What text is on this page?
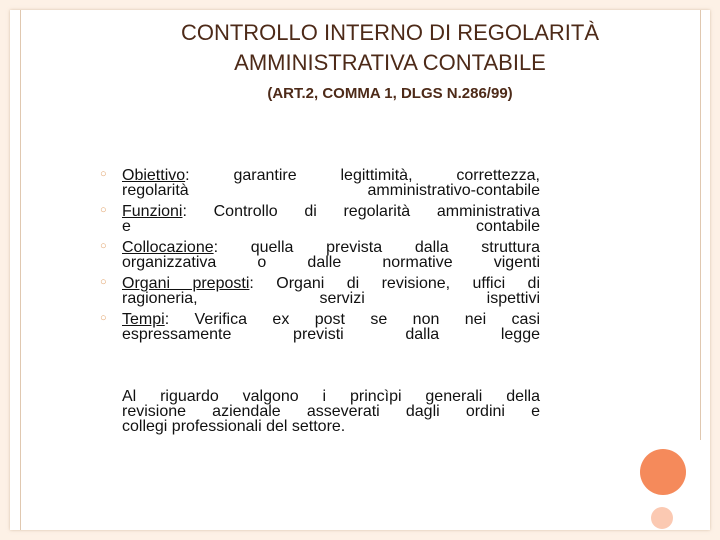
CONTROLLO INTERNO DI REGOLARITÀ
AMMINISTRATIVA CONTABILE
(ART.2, COMMA 1, DLGS N.286/99)
○ Obiettivo: garantire legittimità, correttezza,
regolarità amministrativo-contabile
○ Funzioni: Controllo di regolarità amministrativa
e contabile
○ Collocazione: quella prevista dalla struttura
organizzativa o dalle normative vigenti
○ Organi preposti: Organi di revisione, uffici di
ragioneria, servizi ispettivi
○ Tempi: Verifica ex post se non nei casi
espressamente previsti dalla legge
Al riguardo valgono i princìpi generali della
revisione aziendale asseverati dagli ordini e
collegi professionali del settore.
